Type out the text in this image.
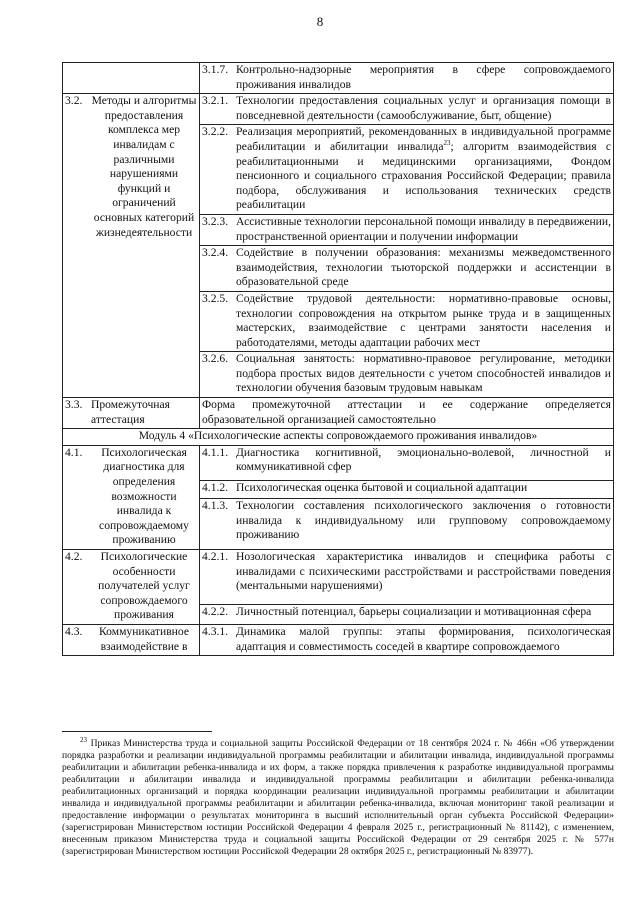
8

	3.1.7. Контрольно-надзорные мероприятия в сфере сопровождаемого проживания инвалидов

3.2. Методы и алгоритмы предоставления комплекса мер инвалидам с различными нарушениями функций и ограничений основных категорий жизнедеятельности	3.2.1. Технологии предоставления социальных услуг и организация помощи в повседневной деятельности (самообслуживание, быт, общение)

	3.2.2. Реализация мероприятий, рекомендованных в индивидуальной программе реабилитации и абилитации инвалида$^{23}$; алгоритм взаимодействия с реабилитационными и медицинскими организациями, Фондом пенсионного и социального страхования Российской Федерации; правила подбора, обслуживания и использования технических средств реабилитации

	3.2.3. Ассистивные технологии персональной помощи инвалиду в передвижении, пространственной ориентации и получении информации

	3.2.4. Содействие в получении образования: механизмы межведомственного взаимодействия, технологии тьюторской поддержки и ассистенции в образовательной среде

	3.2.5. Содействие трудовой деятельности: нормативно-правовые основы, технологии сопровождения на открытом рынке труда и в защищенных мастерских, взаимодействие с центрами занятости населения и работодателями, методы адаптации рабочих мест

	3.2.6. Социальная занятость: нормативно-правовое регулирование, методики подбора простых видов деятельности с учетом способностей инвалидов и технологии обучения базовым трудовым навыкам

3.3. Промежуточная аттестация	Форма промежуточной аттестации и ее содержание определяется образовательной организацией самостоятельно
Модуль 4 «Психологические аспекты сопровождаемого проживания инвалидов»	

4.1. Психологическая диагностика для определения возможности инвалида к сопровождаемому проживанию	4.1.1. Диагностика когнитивной, эмоционально-волевой, личностной и коммуникативной сфер

	4.1.2. Психологическая оценка бытовой и социальной адаптации

	4.1.3. Технологии составления психологического заключения о готовности инвалида к индивидуальному или групповому сопровождаемому проживанию

4.2. Психологические особенности получателей услуг сопровождаемого проживания	4.2.1. Нозологическая характеристика инвалидов и специфика работы с инвалидами с психическими расстройствами и расстройствами поведения (ментальными нарушениями)

	4.2.2. Личностный потенциал, барьеры социализации и мотивационная сфера

4.3. Коммуникативное взаимодействие в	4.3.1. Динамика малой группы: этапы формирования, психологическая адаптация и совместимость соседей в квартире сопровождаемого
$^{23}$ Приказ Министерства труда и социальной защиты Российской Федерации от 18 сентября 2024 г. № 466н «Об утверждении порядка разработки и реализации индивидуальной программы реабилитации и абилитации инвалида, индивидуальной программы реабилитации и абилитации ребенка-инвалида и их форм, а также порядка привлечения к разработке индивидуальной программы реабилитации и абилитации инвалида и индивидуальной программы реабилитации и абилитации ребенка-инвалида реабилитационных организаций и порядка координации реализации индивидуальной программы реабилитации и абилитации инвалида и индивидуальной программы реабилитации и абилитации ребенка-инвалида, включая мониторинг такой реализации и предоставление информации о результатах мониторинга в высший исполнительный орган субъекта Российской Федерации» (зарегистрирован Министерством юстиции Российской Федерации 4 февраля 2025 г., регистрационный № 81142), с изменением, внесенным приказом Министерства труда и социальной защиты Российской Федерации от 29 сентября 2025 г. № 577н (зарегистрирован Министерством юстиции Российской Федерации 28 октября 2025 г., регистрационный № 83977).
